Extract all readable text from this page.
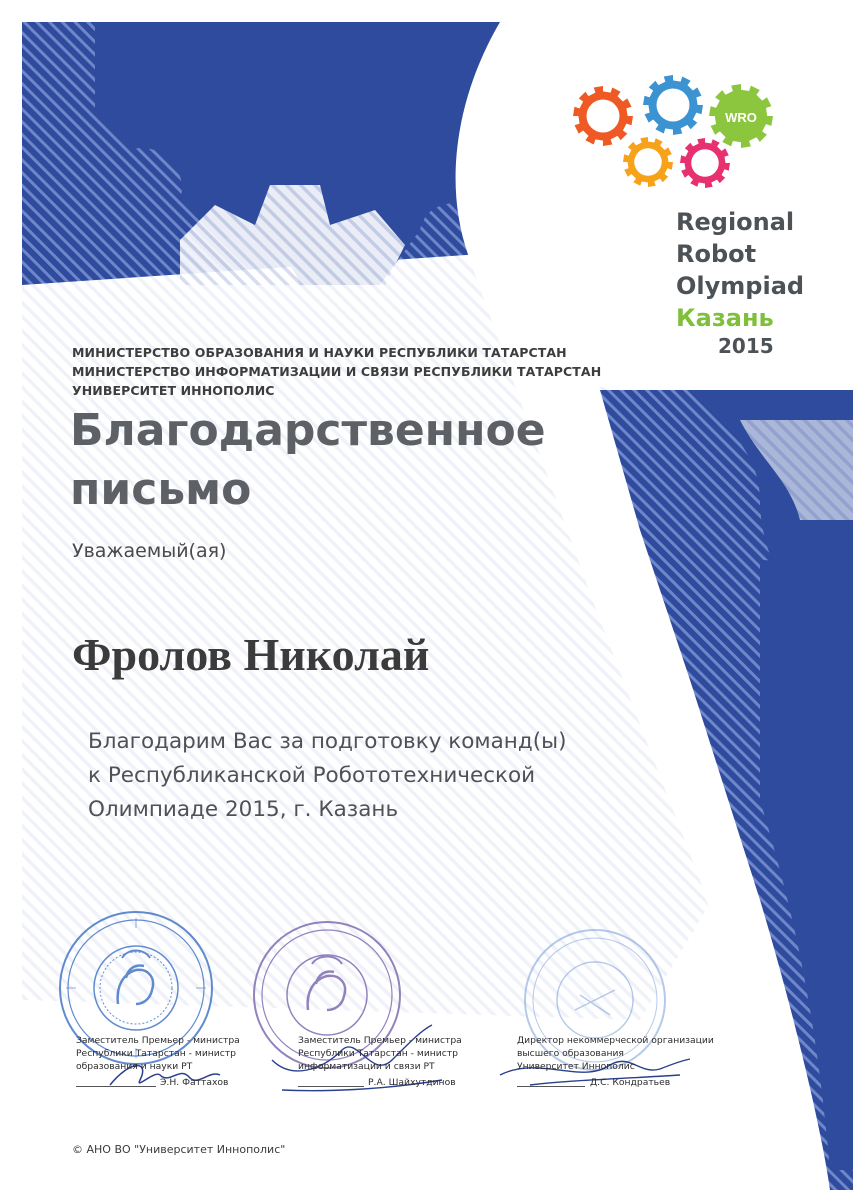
WRO
Regional
Robot
Olympiad
Казань
2015
МИНИСТЕРСТВО ОБРАЗОВАНИЯ И НАУКИ РЕСПУБЛИКИ ТАТАРСТАН
МИНИСТЕРСТВО ИНФОРМАТИЗАЦИИ И СВЯЗИ РЕСПУБЛИКИ ТАТАРСТАН
УНИВЕРСИТЕТ ИННОПОЛИС
Благодарственное
письмо
Уважаемый(ая)
Фролов Николай
Благодарим Вас за подготовку команд(ы)
к Республиканской Робототехнической
Олимпиаде 2015, г. Казань
Заместитель Премьер - министра
Республики Татарстан - министр
образования и науки РТ
Э.Н. Фаттахов
Заместитель Премьер - министра
Республики Татарстан - министр
информатизации и связи РТ
Р.А. Шайхутдинов
Директор некоммерческой организации
высшего образования
Университет Иннополис
Д.С. Кондратьев
© АНО ВО "Университет Иннополис"
